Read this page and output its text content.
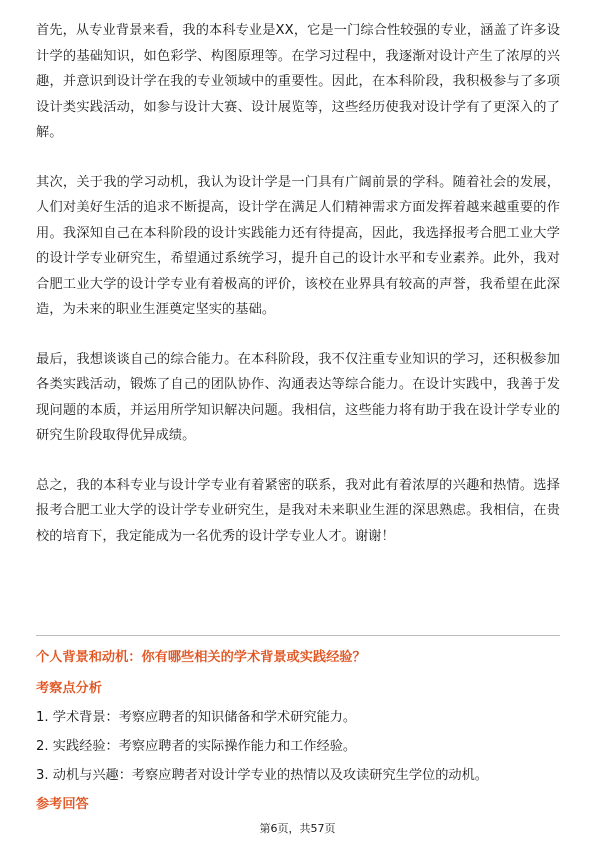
首先，从专业背景来看，我的本科专业是XX，它是一门综合性较强的专业，涵盖了许多设计学的基础知识，如色彩学、构图原理等。在学习过程中，我逐渐对设计产生了浓厚的兴趣，并意识到设计学在我的专业领域中的重要性。因此，在本科阶段，我积极参与了多项设计类实践活动，如参与设计大赛、设计展览等，这些经历使我对设计学有了更深入的了解。

其次，关于我的学习动机，我认为设计学是一门具有广阔前景的学科。随着社会的发展，人们对美好生活的追求不断提高，设计学在满足人们精神需求方面发挥着越来越重要的作用。我深知自己在本科阶段的设计实践能力还有待提高，因此，我选择报考合肥工业大学的设计学专业研究生，希望通过系统学习，提升自己的设计水平和专业素养。此外，我对合肥工业大学的设计学专业有着极高的评价，该校在业界具有较高的声誉，我希望在此深造，为未来的职业生涯奠定坚实的基础。

最后，我想谈谈自己的综合能力。在本科阶段，我不仅注重专业知识的学习，还积极参加各类实践活动，锻炼了自己的团队协作、沟通表达等综合能力。在设计实践中，我善于发现问题的本质，并运用所学知识解决问题。我相信，这些能力将有助于我在设计学专业的研究生阶段取得优异成绩。

总之，我的本科专业与设计学专业有着紧密的联系，我对此有着浓厚的兴趣和热情。选择报考合肥工业大学的设计学专业研究生，是我对未来职业生涯的深思熟虑。我相信，在贵校的培育下，我定能成为一名优秀的设计学专业人才。谢谢！

个人背景和动机：你有哪些相关的学术背景或实践经验？

考察点分析

1. 学术背景：考察应聘者的知识储备和学术研究能力。
2. 实践经验：考察应聘者的实际操作能力和工作经验。
3. 动机与兴趣：考察应聘者对设计学专业的热情以及攻读研究生学位的动机。

参考回答

第6页，共57页
